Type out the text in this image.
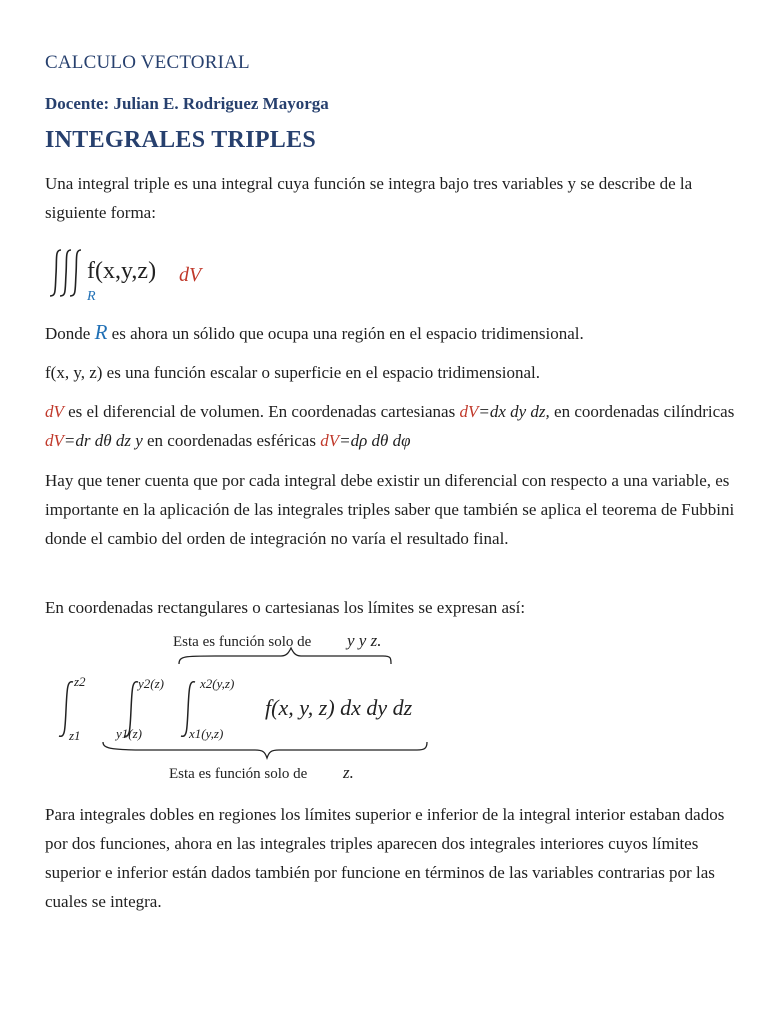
CALCULO VECTORIAL

Docente: Julian E. Rodriguez Mayorga

INTEGRALES TRIPLES

Una integral triple es una integral cuya función se integra bajo tres variables y se describe de la siguiente forma:

f(x,y,z) dV
R

Donde R es ahora un sólido que ocupa una región en el espacio tridimensional.

f(x, y, z) es una función escalar o superficie en el espacio tridimensional.

dV es el diferencial de volumen. En coordenadas cartesianas dV=dx dy dz, en coordenadas cilíndricas dV=dr dθ dz y en coordenadas esféricas dV=dρ dθ dφ

Hay que tener cuenta que por cada integral debe existir un diferencial con respecto a una variable, es importante en la aplicación de las integrales triples saber que también se aplica el teorema de Fubbini donde el cambio del orden de integración no varía el resultado final.

En coordenadas rectangulares o cartesianas los límites se expresan así:

Esta es función solo de y y z.
z2
z1
y2(z)
y1(z)
x2(y,z)
x1(y,z)
f(x, y, z) dx dy dz
Esta es función solo de z.

Para integrales dobles en regiones los límites superior e inferior de la integral interior estaban dados por dos funciones, ahora en las integrales triples aparecen dos integrales interiores cuyos límites superior e inferior están dados también por funcione en términos de las variables contrarias por las cuales se integra.
